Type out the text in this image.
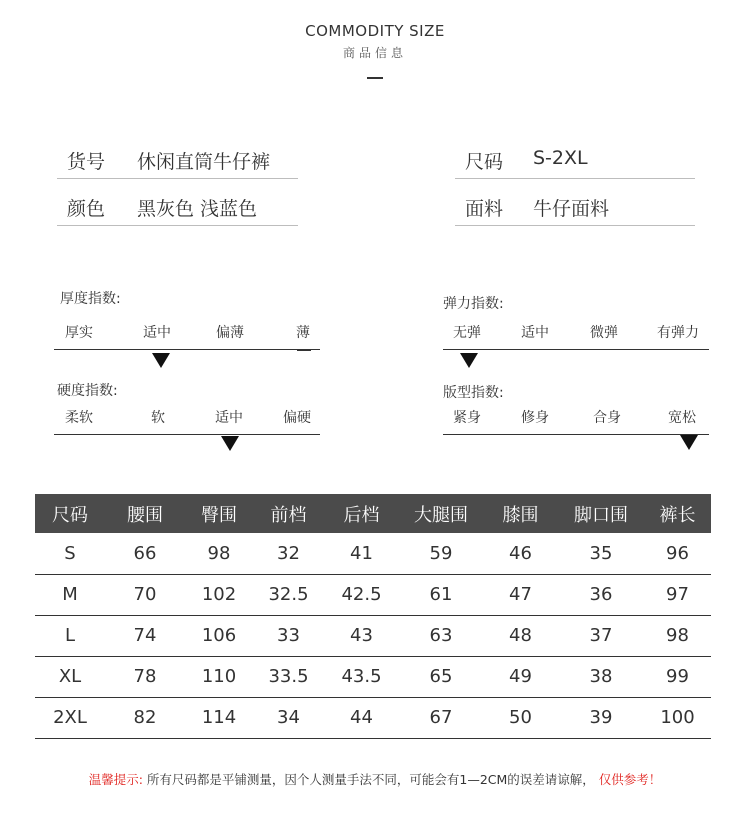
COMMODITY SIZE
商品信息
货号 休闲直筒牛仔裤
颜色 黑灰色 浅蓝色
尺码 S-2XL
面料 牛仔面料
厚度指数:
厚实	适中	偏薄	薄
硬度指数:
柔软	软	适中	偏硬
弹力指数:
无弹	适中	微弹	有弹力
版型指数:
紧身	修身	合身	宽松
尺码	腰围	臀围	前档	后档	大腿围	膝围	脚口围	裤长
S	66	98	32	41	59	46	35	96
M	70	102	32.5	42.5	61	47	36	97
L	74	106	33	43	63	48	37	98
XL	78	110	33.5	43.5	65	49	38	99
2XL	82	114	34	44	67	50	39	100
温馨提示: 所有尺码都是平铺测量，因个人测量手法不同，可能会有1—2CM的误差请谅解， 仅供参考！
